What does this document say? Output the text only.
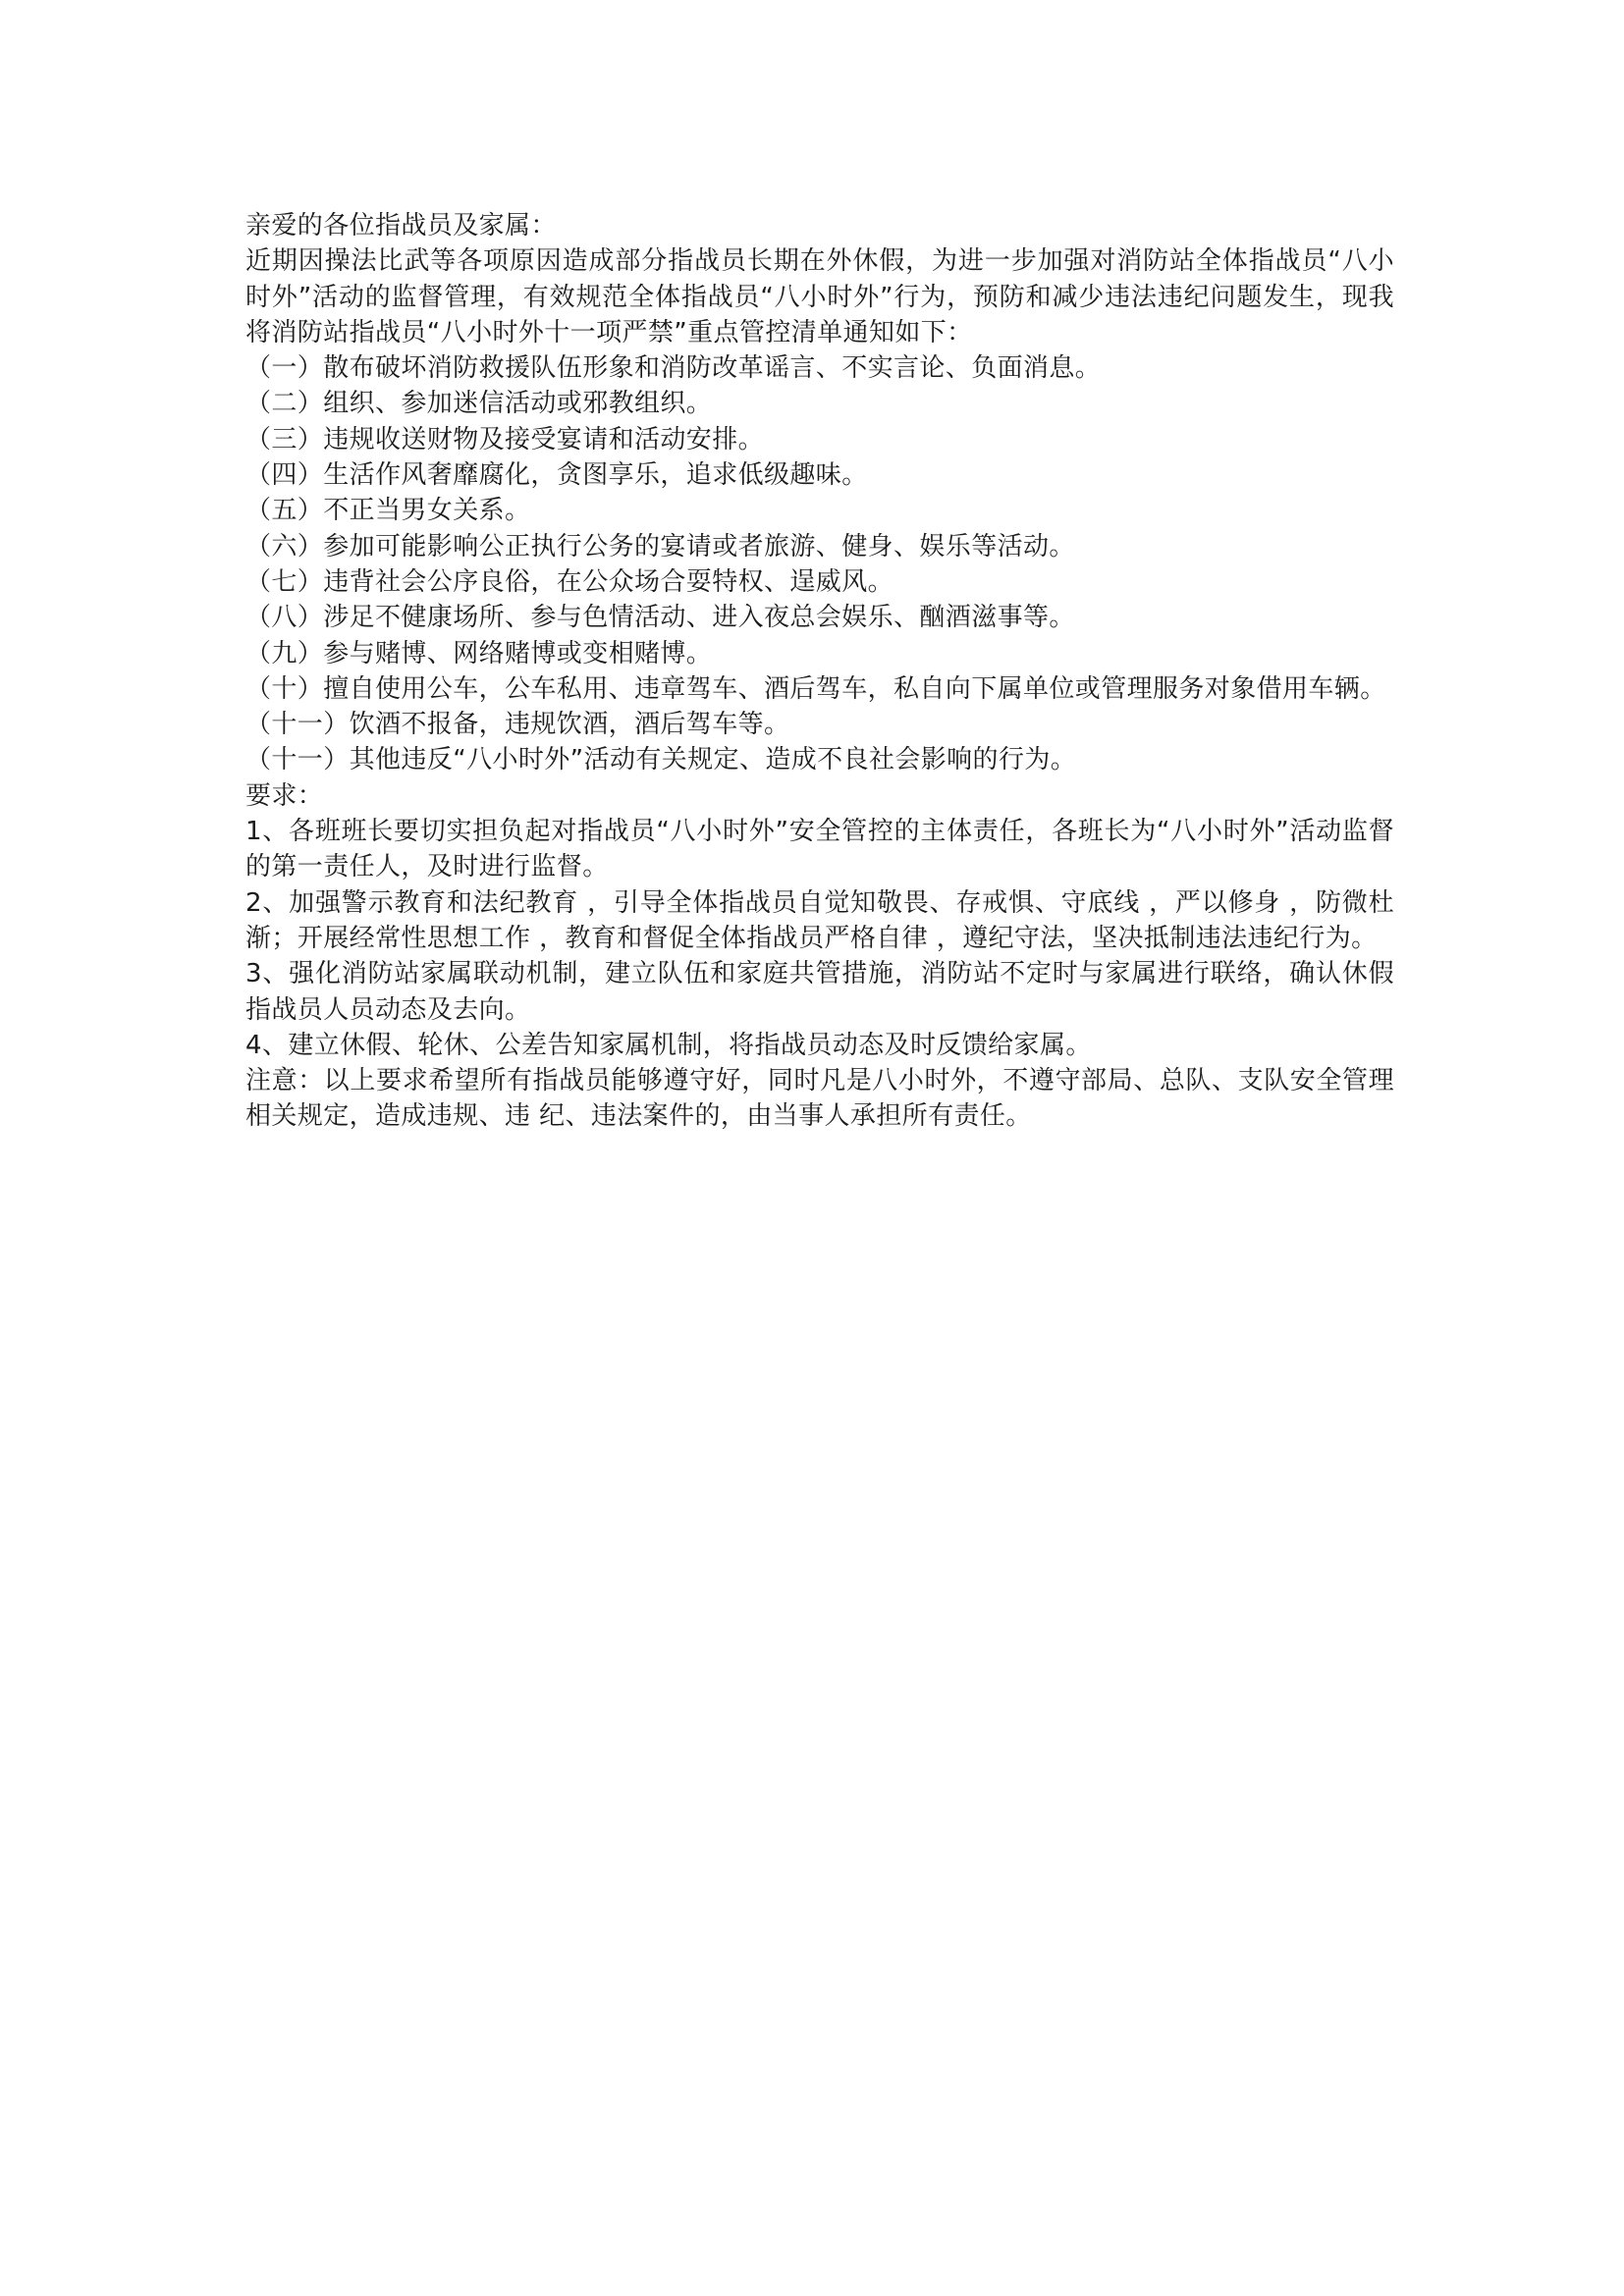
亲爱的各位指战员及家属：

近期因操法比武等各项原因造成部分指战员长期在外休假，为进一步加强对消防站全体指战员“八小时外”活动的监督管理，有效规范全体指战员“八小时外”行为，预防和减少违法违纪问题发生，现我将消防站指战员“八小时外十一项严禁”重点管控清单通知如下：

（一）散布破坏消防救援队伍形象和消防改革谣言、不实言论、负面消息。

（二）组织、参加迷信活动或邪教组织。

（三）违规收送财物及接受宴请和活动安排。

（四）生活作风奢靡腐化，贪图享乐，追求低级趣味。

（五）不正当男女关系。

（六）参加可能影响公正执行公务的宴请或者旅游、健身、娱乐等活动。

（七）违背社会公序良俗，在公众场合耍特权、逞威风。

（八）涉足不健康场所、参与色情活动、进入夜总会娱乐、酗酒滋事等。

（九）参与赌博、网络赌博或变相赌博。

（十）擅自使用公车，公车私用、违章驾车、酒后驾车，私自向下属单位或管理服务对象借用车辆。

（十一）饮酒不报备，违规饮酒，酒后驾车等。

（十一）其他违反“八小时外”活动有关规定、造成不良社会影响的行为。

要求：

1、各班班长要切实担负起对指战员“八小时外”安全管控的主体责任，各班长为“八小时外”活动监督的第一责任人，及时进行监督。

2、加强警示教育和法纪教育 ，引导全体指战员自觉知敬畏、存戒惧、守底线 ，严以修身 ，防微杜渐；开展经常性思想工作 ，教育和督促全体指战员严格自律 ，遵纪守法，坚决抵制违法违纪行为。

3、强化消防站家属联动机制，建立队伍和家庭共管措施，消防站不定时与家属进行联络，确认休假指战员人员动态及去向。

4、建立休假、轮休、公差告知家属机制，将指战员动态及时反馈给家属。

注意：以上要求希望所有指战员能够遵守好，同时凡是八小时外，不遵守部局、总队、支队安全管理相关规定，造成违规、违 纪、违法案件的，由当事人承担所有责任。
